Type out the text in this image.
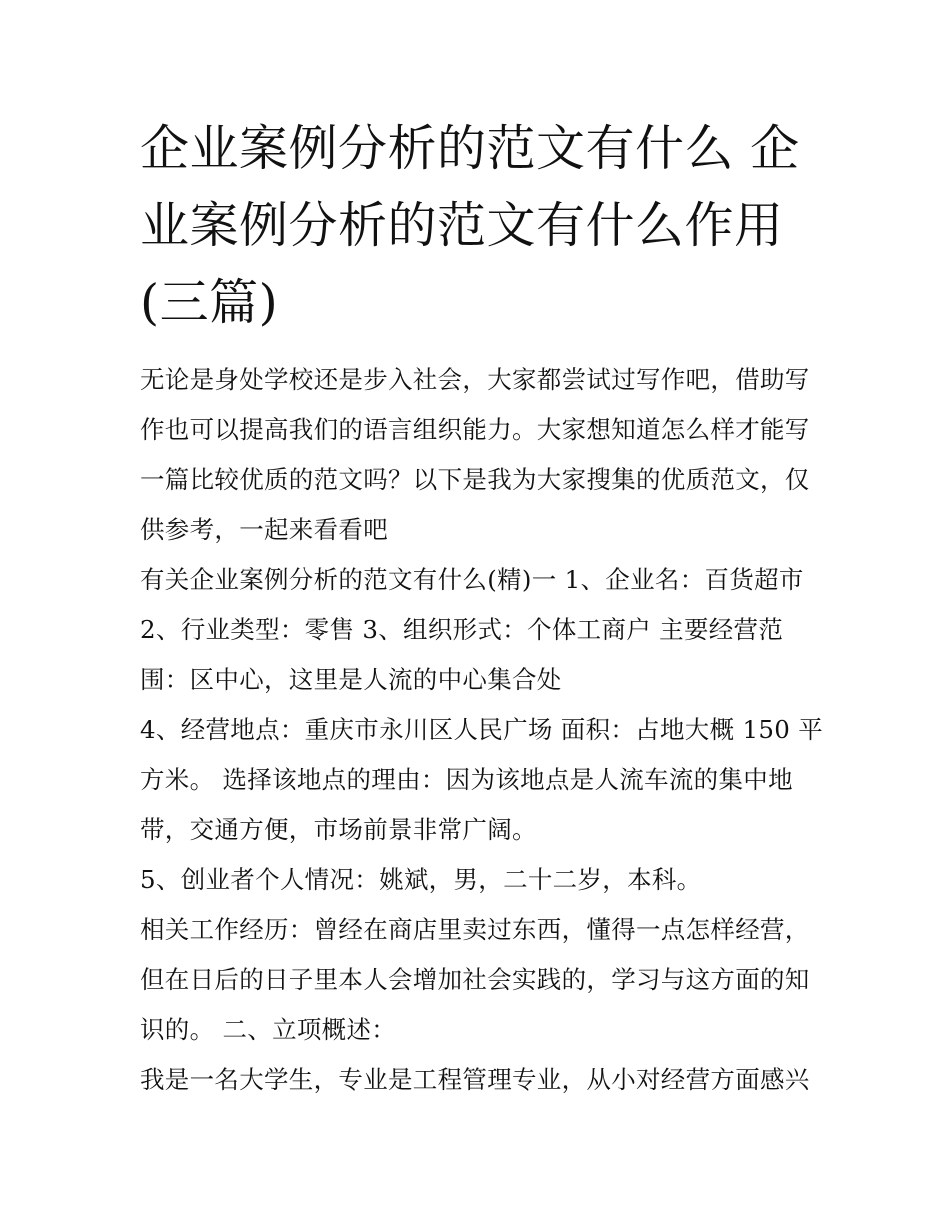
企业案例分析的范文有什么 企
业案例分析的范文有什么作用
(三篇)

无论是身处学校还是步入社会，大家都尝试过写作吧，借助写
作也可以提高我们的语言组织能力。大家想知道怎么样才能写
一篇比较优质的范文吗？以下是我为大家搜集的优质范文，仅
供参考，一起来看看吧

有关企业案例分析的范文有什么(精)一 1、企业名：百货超市
2、行业类型：零售 3、组织形式：个体工商户 主要经营范
围：区中心，这里是人流的中心集合处

4、经营地点：重庆市永川区人民广场 面积：占地大概 150 平
方米。 选择该地点的理由：因为该地点是人流车流的集中地
带，交通方便，市场前景非常广阔。

5、创业者个人情况：姚斌，男，二十二岁，本科。

相关工作经历：曾经在商店里卖过东西，懂得一点怎样经营，
但在日后的日子里本人会增加社会实践的，学习与这方面的知
识的。 二、立项概述：

我是一名大学生，专业是工程管理专业，从小对经营方面感兴
